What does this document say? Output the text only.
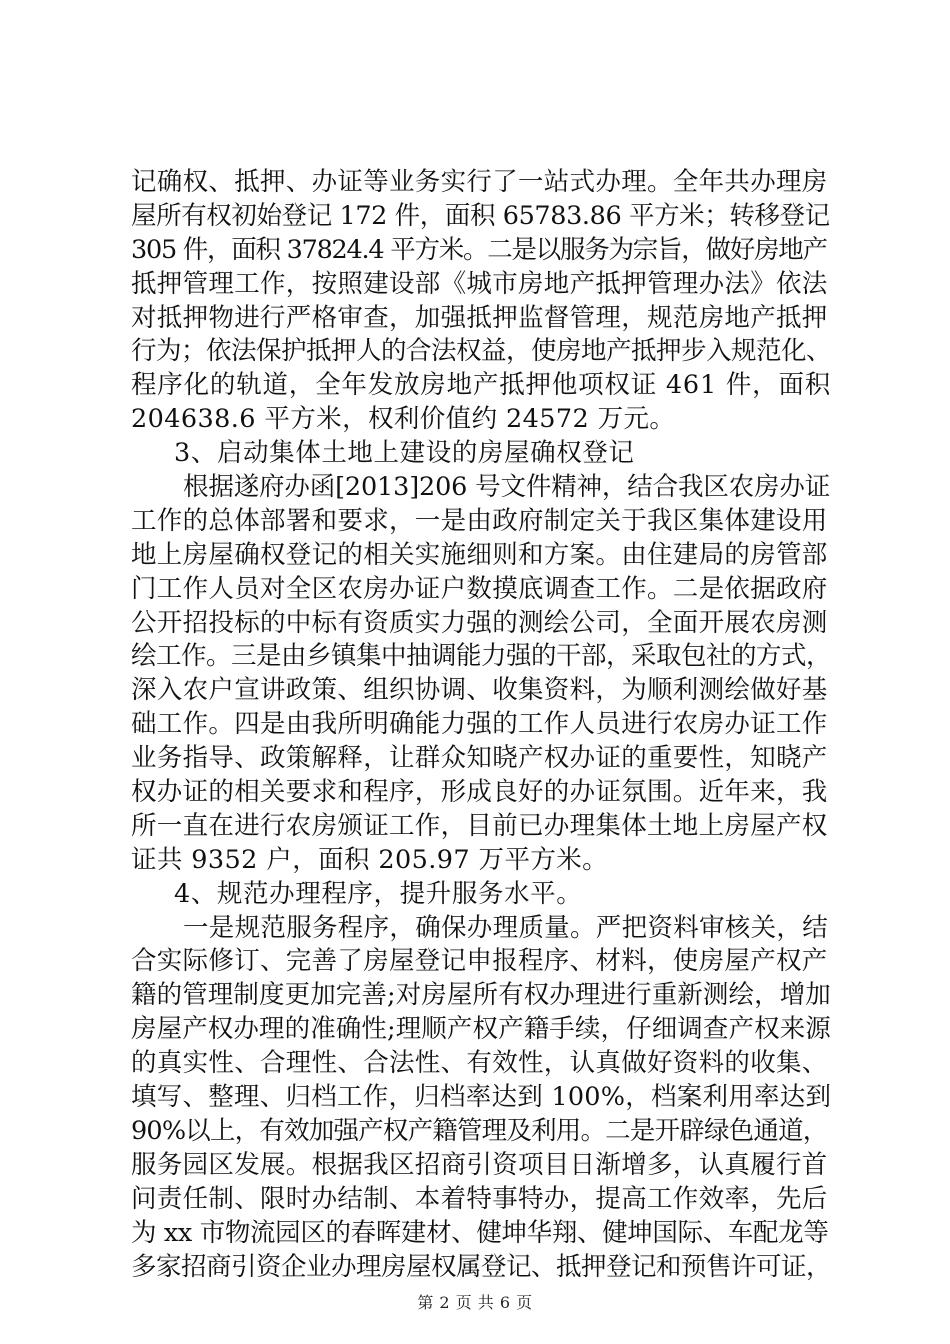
记确权、抵押、办证等业务实行了一站式办理。全年共办理房
屋所有权初始登记 172 件，面积 65783.86 平方米；转移登记
305 件，面积 37824.4 平方米。二是以服务为宗旨，做好房地产
抵押管理工作，按照建设部《城市房地产抵押管理办法》依法
对抵押物进行严格审查，加强抵押监督管理，规范房地产抵押
行为；依法保护抵押人的合法权益，使房地产抵押步入规范化、
程序化的轨道，全年发放房地产抵押他项权证 461 件，面积
204638.6 平方米，权利价值约 24572 万元。
3、启动集体土地上建设的房屋确权登记
根据遂府办函[2013]206 号文件精神，结合我区农房办证
工作的总体部署和要求，一是由政府制定关于我区集体建设用
地上房屋确权登记的相关实施细则和方案。由住建局的房管部
门工作人员对全区农房办证户数摸底调查工作。二是依据政府
公开招投标的中标有资质实力强的测绘公司，全面开展农房测
绘工作。三是由乡镇集中抽调能力强的干部，采取包社的方式，
深入农户宣讲政策、组织协调、收集资料，为顺利测绘做好基
础工作。四是由我所明确能力强的工作人员进行农房办证工作
业务指导、政策解释，让群众知晓产权办证的重要性，知晓产
权办证的相关要求和程序，形成良好的办证氛围。近年来，我
所一直在进行农房颁证工作，目前已办理集体土地上房屋产权
证共 9352 户，面积 205.97 万平方米。
4、规范办理程序，提升服务水平。
一是规范服务程序，确保办理质量。严把资料审核关，结
合实际修订、完善了房屋登记申报程序、材料，使房屋产权产
籍的管理制度更加完善;对房屋所有权办理进行重新测绘，增加
房屋产权办理的准确性;理顺产权产籍手续，仔细调查产权来源
的真实性、合理性、合法性、有效性，认真做好资料的收集、
填写、整理、归档工作，归档率达到 100%，档案利用率达到
90%以上，有效加强产权产籍管理及利用。二是开辟绿色通道，
服务园区发展。根据我区招商引资项目日渐增多，认真履行首
问责任制、限时办结制、本着特事特办，提高工作效率，先后
为 xx 市物流园区的春晖建材、健坤华翔、健坤国际、车配龙等
多家招商引资企业办理房屋权属登记、抵押登记和预售许可证，
第 2 页 共 6 页
